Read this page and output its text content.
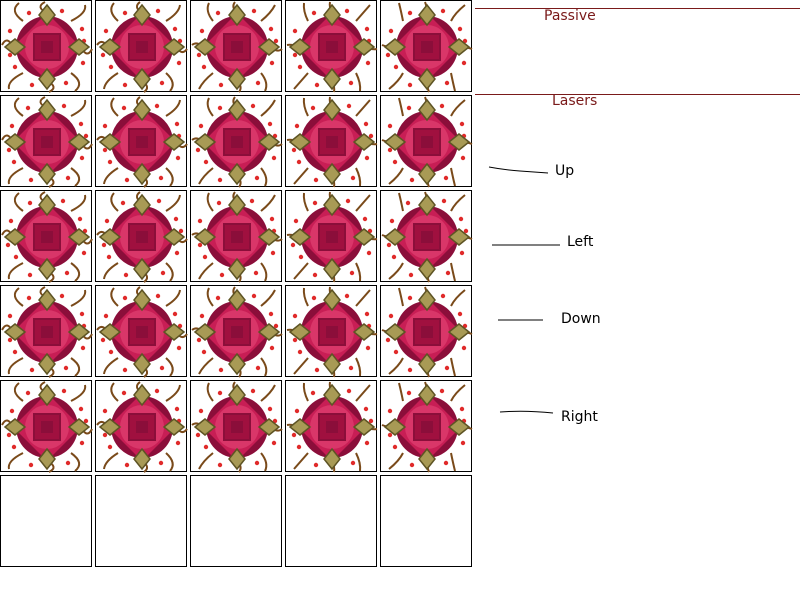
Passive
Lasers
Up
Left
Down
Right
